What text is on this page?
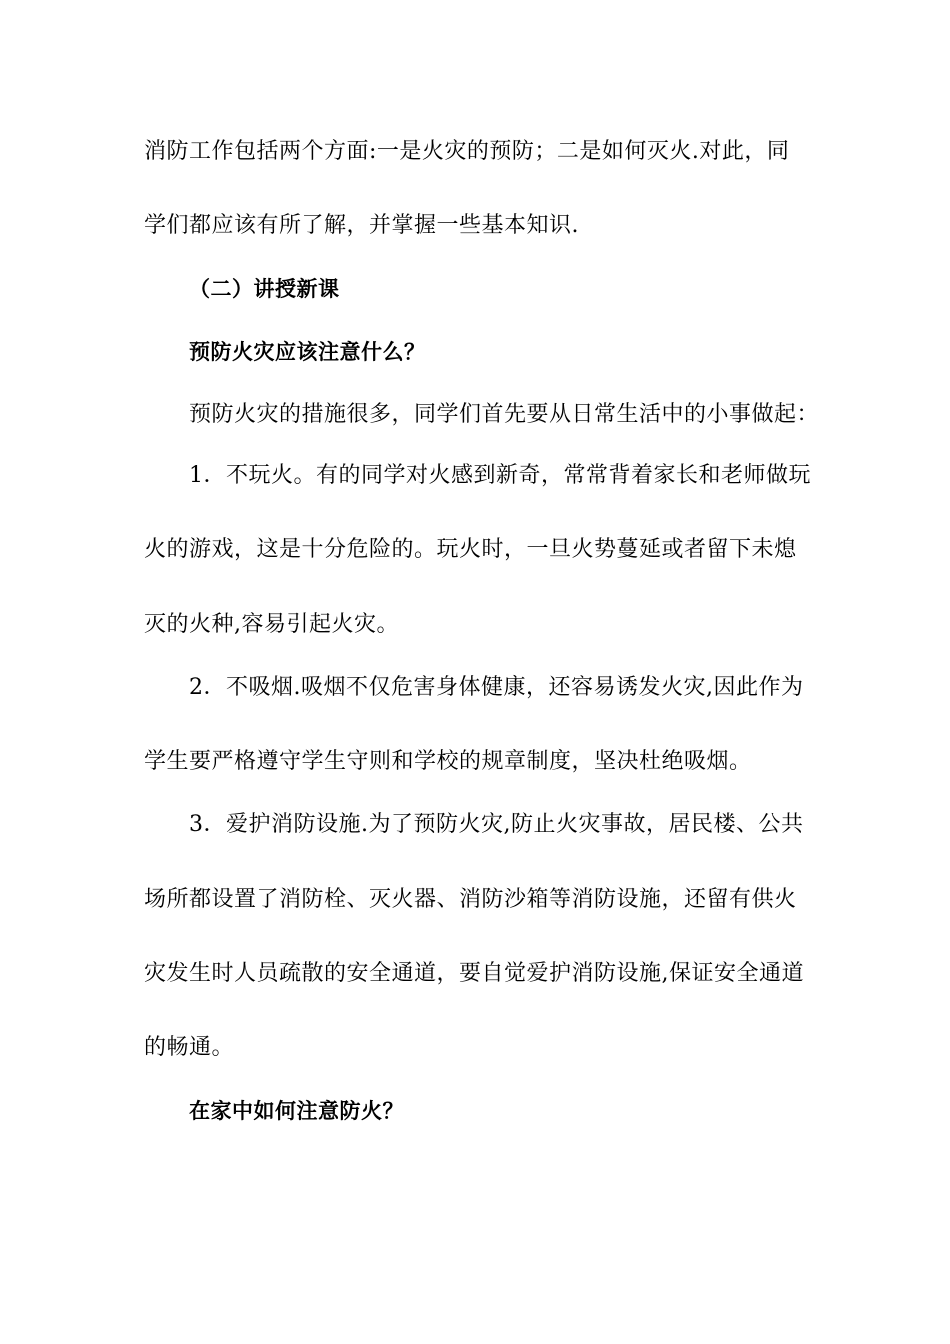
消防工作包括两个方面:一是火灾的预防；二是如何灭火.对此，同
学们都应该有所了解，并掌握一些基本知识.
（二）讲授新课
预防火灾应该注意什么？
预防火灾的措施很多，同学们首先要从日常生活中的小事做起：
1．不玩火。有的同学对火感到新奇，常常背着家长和老师做玩
火的游戏，这是十分危险的。玩火时，一旦火势蔓延或者留下未熄
灭的火种,容易引起火灾。
2．不吸烟.吸烟不仅危害身体健康，还容易诱发火灾,因此作为
学生要严格遵守学生守则和学校的规章制度，坚决杜绝吸烟。
3．爱护消防设施.为了预防火灾,防止火灾事故，居民楼、公共
场所都设置了消防栓、灭火器、消防沙箱等消防设施，还留有供火
灾发生时人员疏散的安全通道，要自觉爱护消防设施,保证安全通道
的畅通。
在家中如何注意防火？
